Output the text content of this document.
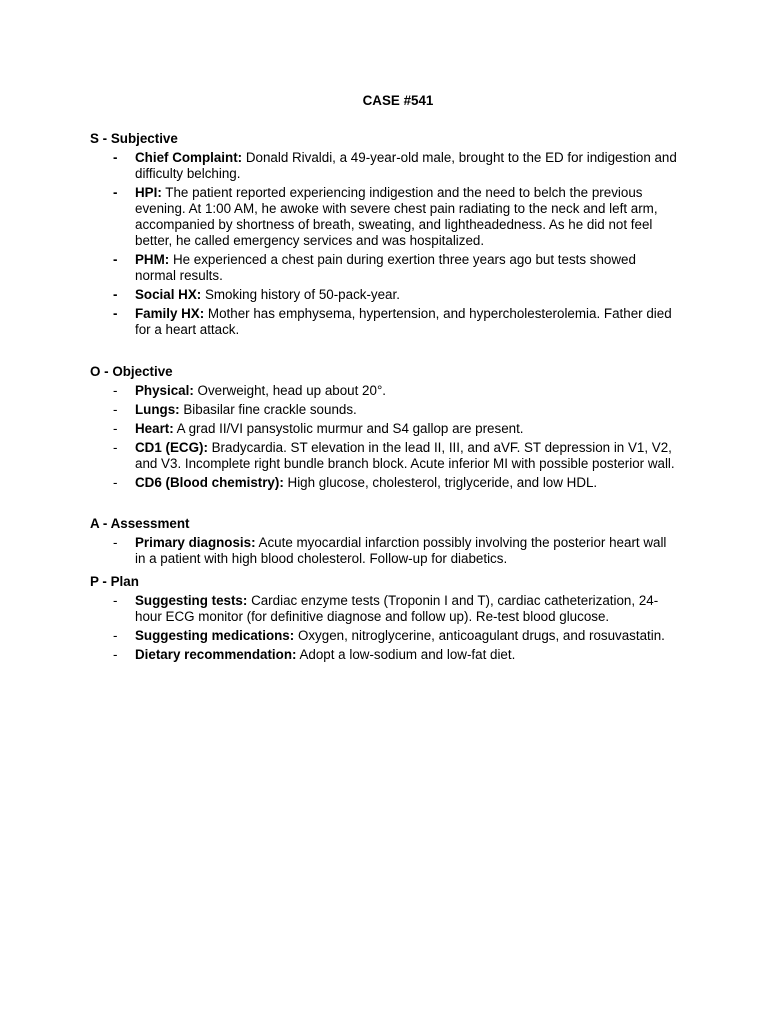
CASE #541

S - Subjective

- Chief Complaint: Donald Rivaldi, a 49-year-old male, brought to the ED for indigestion and difficulty belching.
- HPI: The patient reported experiencing indigestion and the need to belch the previous evening. At 1:00 AM, he awoke with severe chest pain radiating to the neck and left arm, accompanied by shortness of breath, sweating, and lightheadedness. As he did not feel better, he called emergency services and was hospitalized.
- PHM: He experienced a chest pain during exertion three years ago but tests showed normal results.
- Social HX: Smoking history of 50-pack-year.
- Family HX: Mother has emphysema, hypertension, and hypercholesterolemia. Father died for a heart attack.

O - Objective

- Physical: Overweight, head up about 20°.
- Lungs: Bibasilar fine crackle sounds.
- Heart: A grad II/VI pansystolic murmur and S4 gallop are present.
- CD1 (ECG): Bradycardia. ST elevation in the lead II, III, and aVF. ST depression in V1, V2, and V3. Incomplete right bundle branch block. Acute inferior MI with possible posterior wall.
- CD6 (Blood chemistry): High glucose, cholesterol, triglyceride, and low HDL.

A - Assessment

- Primary diagnosis: Acute myocardial infarction possibly involving the posterior heart wall in a patient with high blood cholesterol. Follow-up for diabetics.

P - Plan

- Suggesting tests: Cardiac enzyme tests (Troponin I and T), cardiac catheterization, 24-hour ECG monitor (for definitive diagnose and follow up). Re-test blood glucose.
- Suggesting medications: Oxygen, nitroglycerine, anticoagulant drugs, and rosuvastatin.
- Dietary recommendation: Adopt a low-sodium and low-fat diet.
